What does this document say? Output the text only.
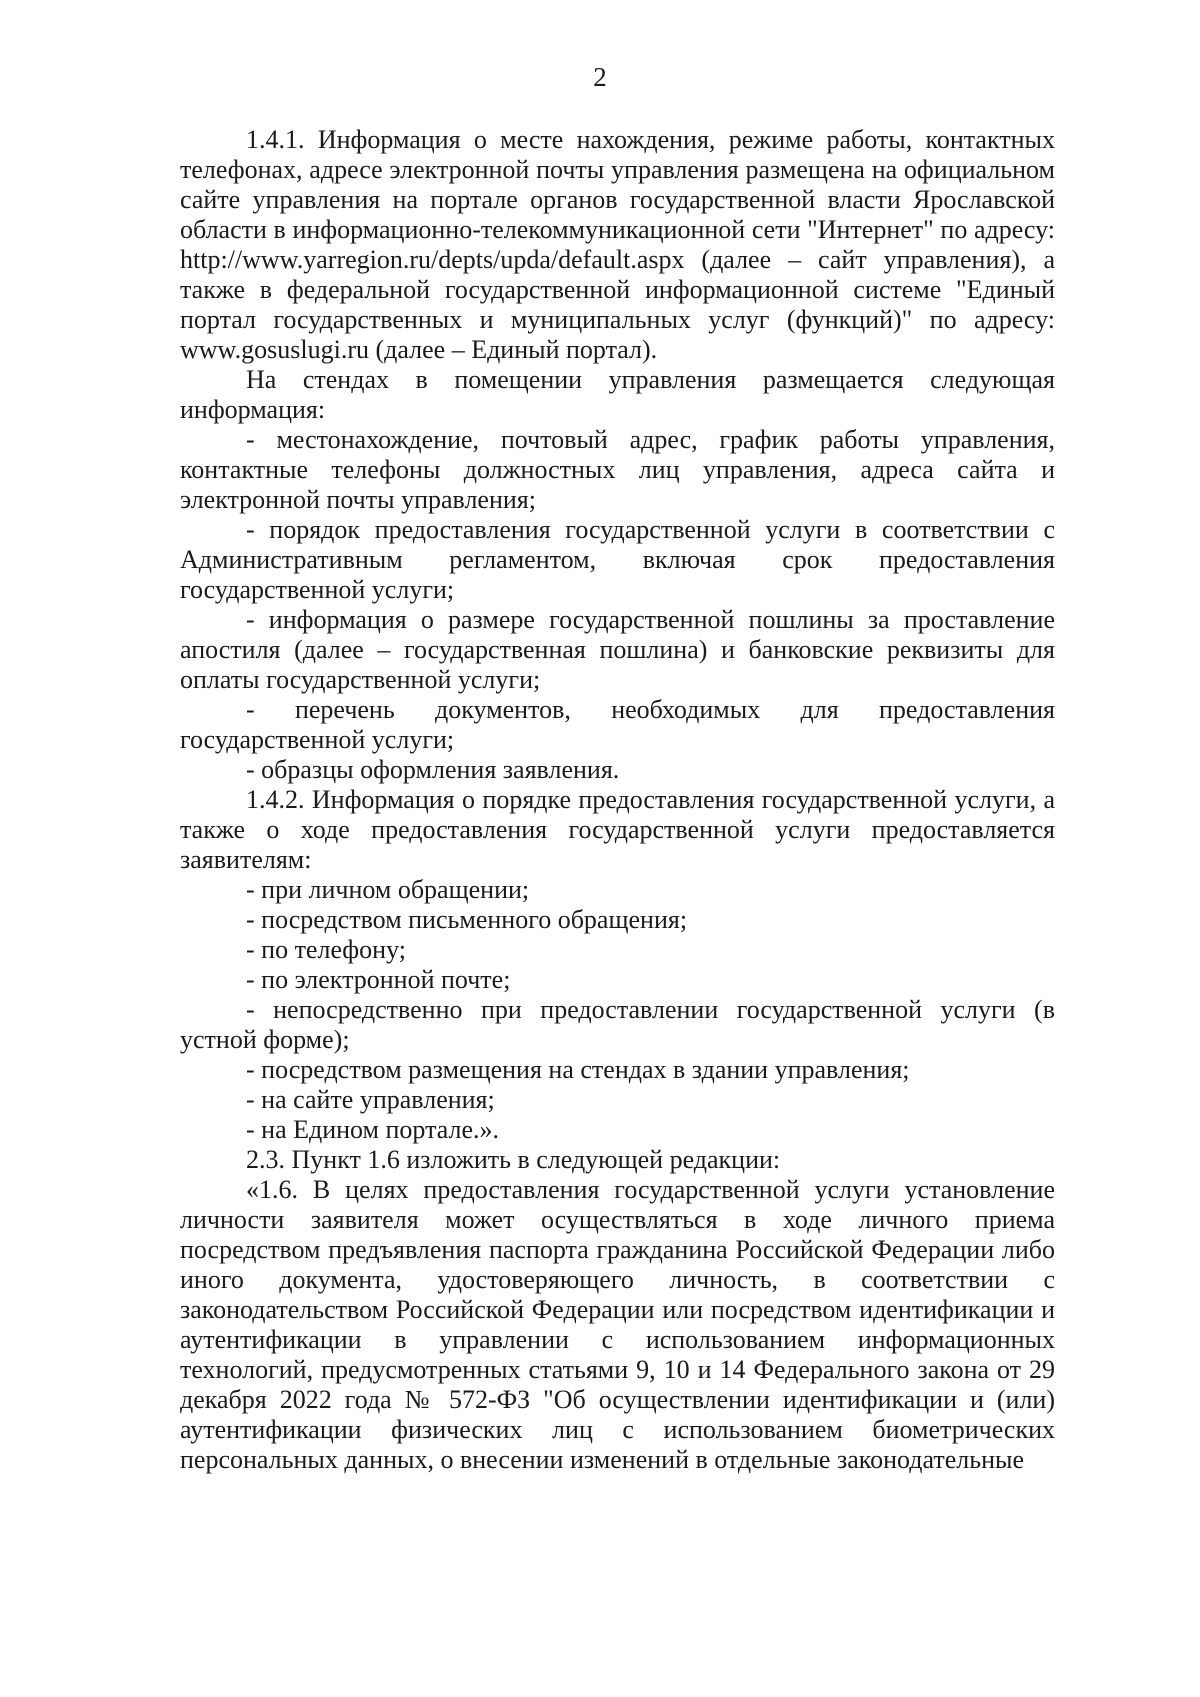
2

1.4.1. Информация о месте нахождения, режиме работы, контактных телефонах, адресе электронной почты управления размещена на официальном сайте управления на портале органов государственной власти Ярославской области в информационно-телекоммуникационной сети "Интернет" по адресу: http://www.yarregion.ru/depts/upda/default.aspx (далее – сайт управления), а также в федеральной государственной информационной системе "Единый портал государственных и муниципальных услуг (функций)" по адресу: www.gosuslugi.ru (далее – Единый портал).

На стендах в помещении управления размещается следующая информация:

- местонахождение, почтовый адрес, график работы управления, контактные телефоны должностных лиц управления, адреса сайта и электронной почты управления;

- порядок предоставления государственной услуги в соответствии с Административным регламентом, включая срок предоставления государственной услуги;

- информация о размере государственной пошлины за проставление апостиля (далее – государственная пошлина) и банковские реквизиты для оплаты государственной услуги;

- перечень документов, необходимых для предоставления государственной услуги;

- образцы оформления заявления.

1.4.2. Информация о порядке предоставления государственной услуги, а также о ходе предоставления государственной услуги предоставляется заявителям:

- при личном обращении;

- посредством письменного обращения;

- по телефону;

- по электронной почте;

- непосредственно при предоставлении государственной услуги (в устной форме);

- посредством размещения на стендах в здании управления;

- на сайте управления;

- на Едином портале.».

2.3. Пункт 1.6 изложить в следующей редакции:

«1.6. В целях предоставления государственной услуги установление личности заявителя может осуществляться в ходе личного приема посредством предъявления паспорта гражданина Российской Федерации либо иного документа, удостоверяющего личность, в соответствии с законодательством Российской Федерации или посредством идентификации и аутентификации в управлении с использованием информационных технологий, предусмотренных статьями 9, 10 и 14 Федерального закона от 29 декабря 2022 года № 572-ФЗ "Об осуществлении идентификации и (или) аутентификации физических лиц с использованием биометрических персональных данных, о внесении изменений в отдельные законодательные
